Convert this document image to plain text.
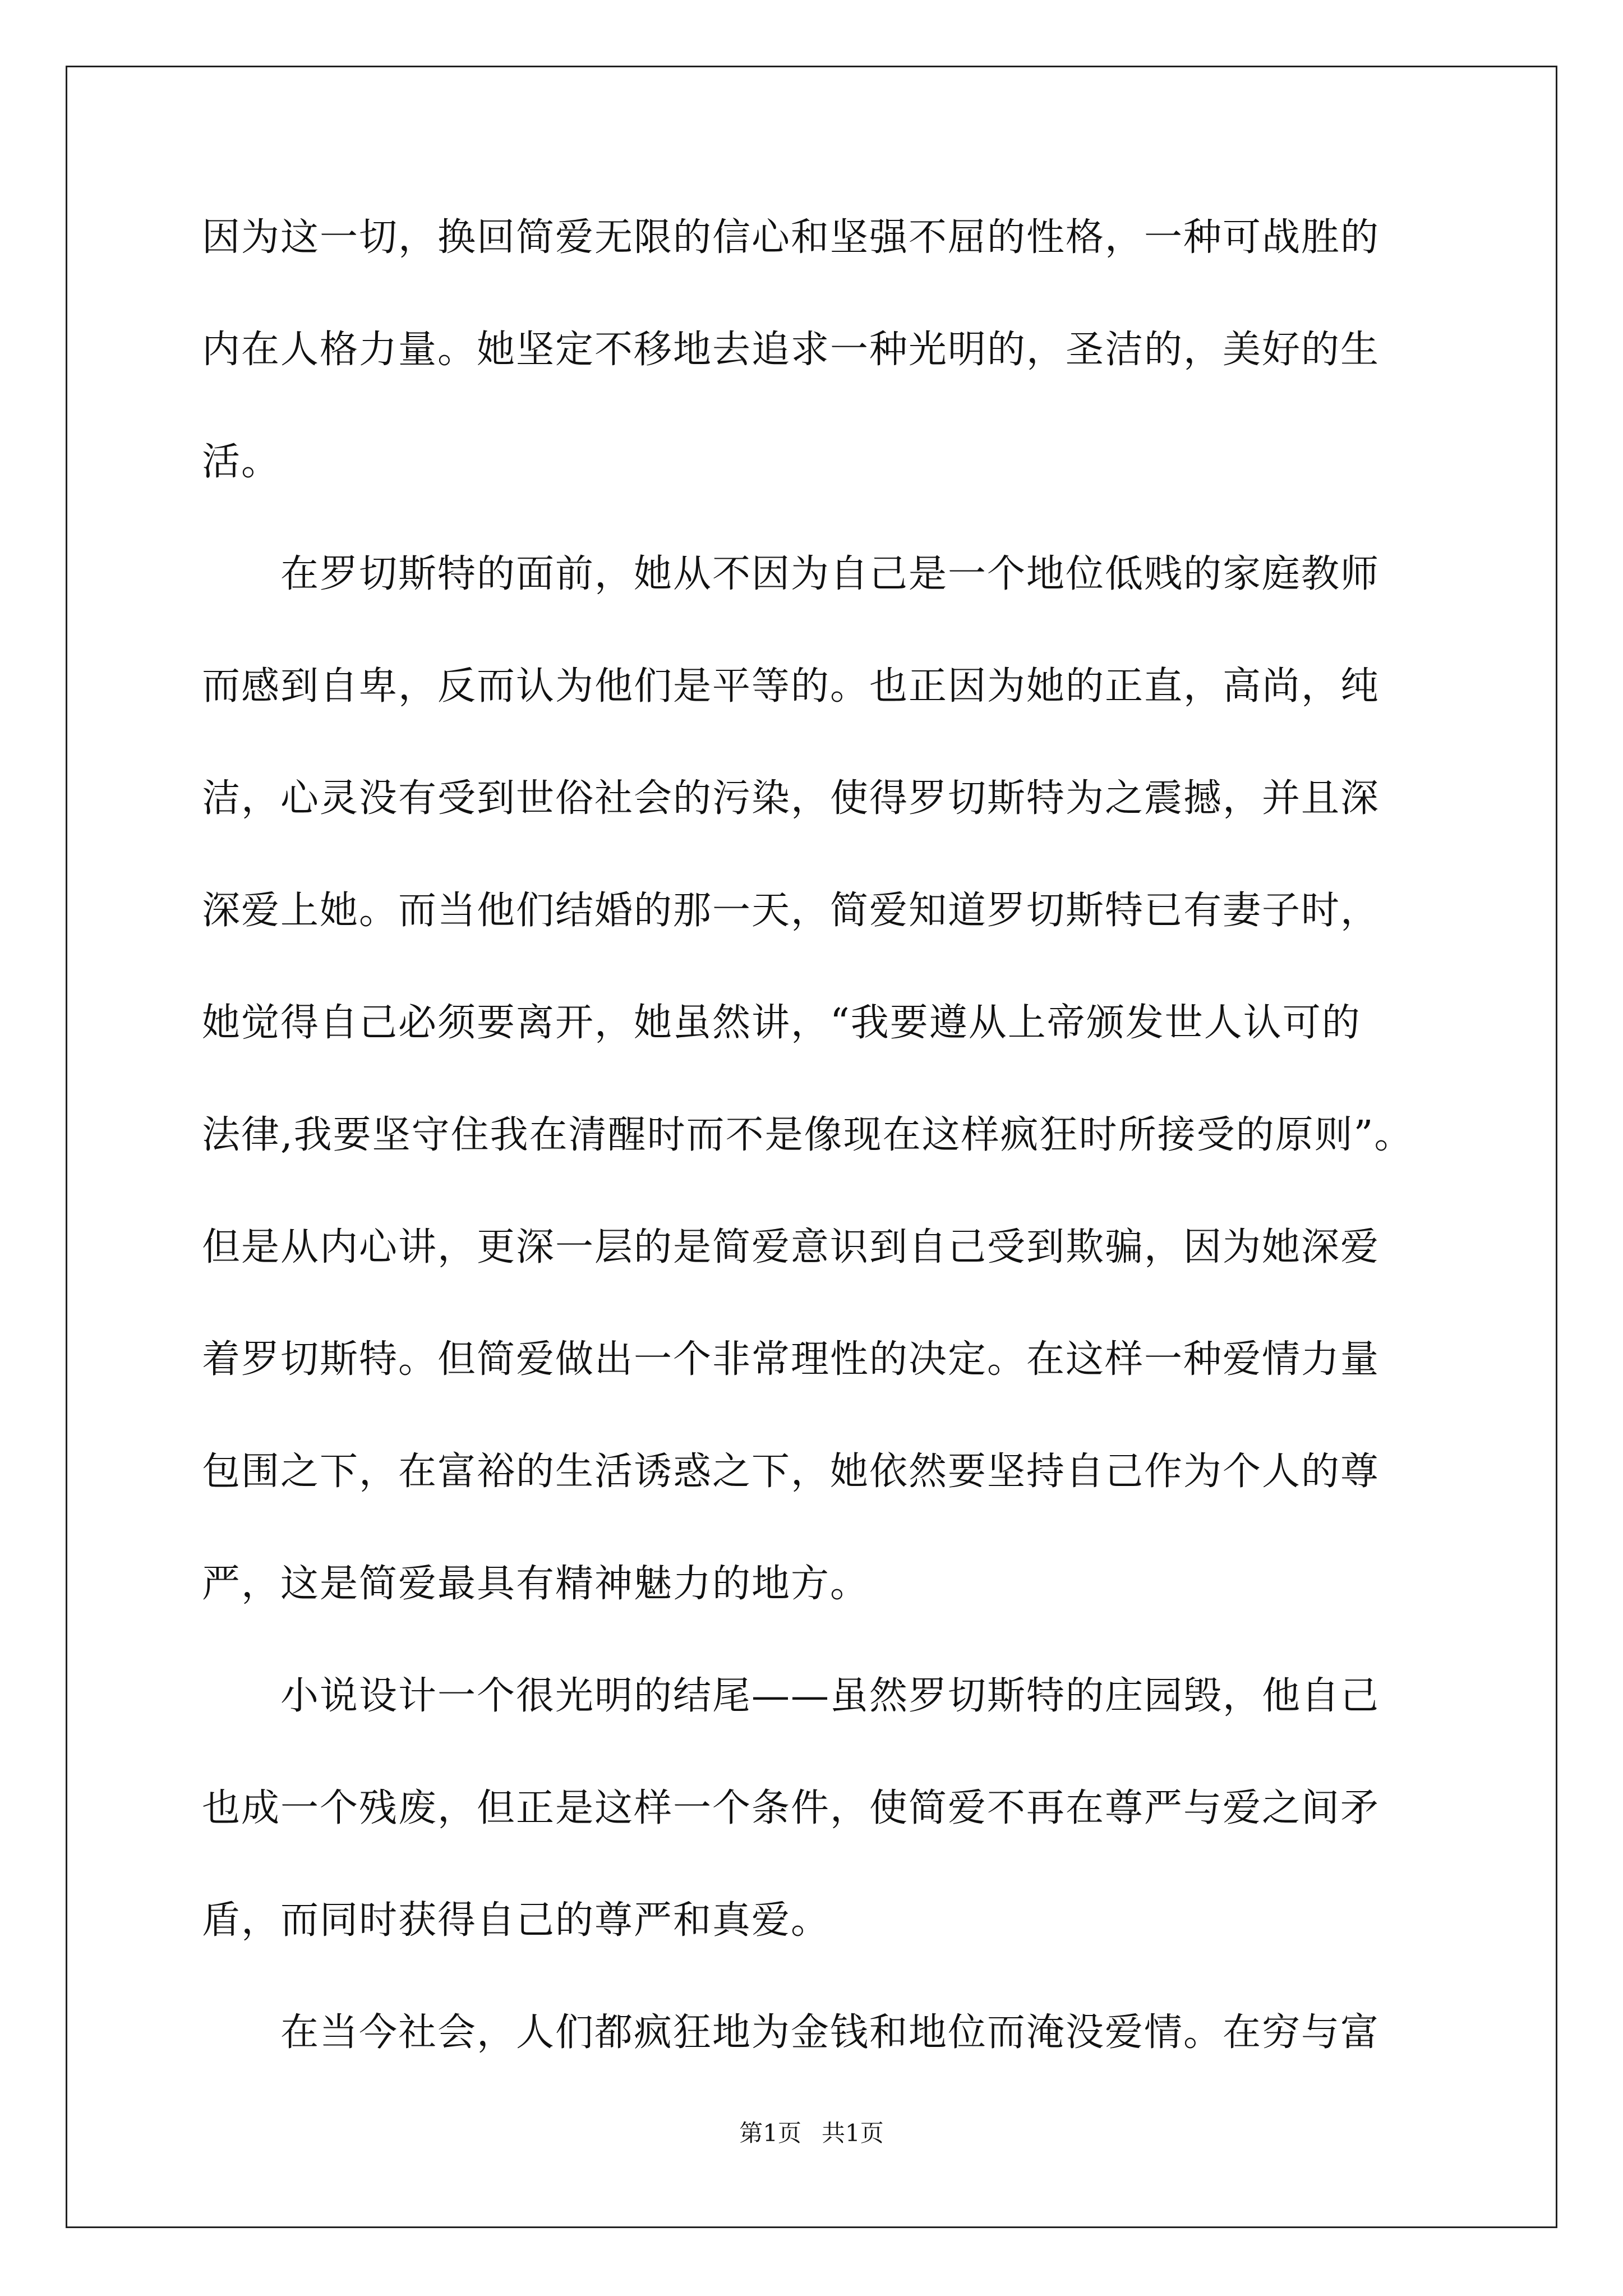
因为这一切，换回简爱无限的信心和坚强不屈的性格，一种可战胜的
内在人格力量。她坚定不移地去追求一种光明的，圣洁的，美好的生
活。
　　在罗切斯特的面前，她从不因为自己是一个地位低贱的家庭教师
而感到自卑，反而认为他们是平等的。也正因为她的正直，高尚，纯
洁，心灵没有受到世俗社会的污染，使得罗切斯特为之震撼，并且深
深爱上她。而当他们结婚的那一天，简爱知道罗切斯特已有妻子时，
她觉得自己必须要离开，她虽然讲，“我要遵从上帝颁发世人认可的
法律,我要坚守住我在清醒时而不是像现在这样疯狂时所接受的原则”。
但是从内心讲，更深一层的是简爱意识到自己受到欺骗，因为她深爱
着罗切斯特。但简爱做出一个非常理性的决定。在这样一种爱情力量
包围之下，在富裕的生活诱惑之下，她依然要坚持自己作为个人的尊
严，这是简爱最具有精神魅力的地方。
　　小说设计一个很光明的结尾——虽然罗切斯特的庄园毁，他自己
也成一个残废，但正是这样一个条件，使简爱不再在尊严与爱之间矛
盾，而同时获得自己的尊严和真爱。
　　在当今社会，人们都疯狂地为金钱和地位而淹没爱情。在穷与富
第1页 共1页
